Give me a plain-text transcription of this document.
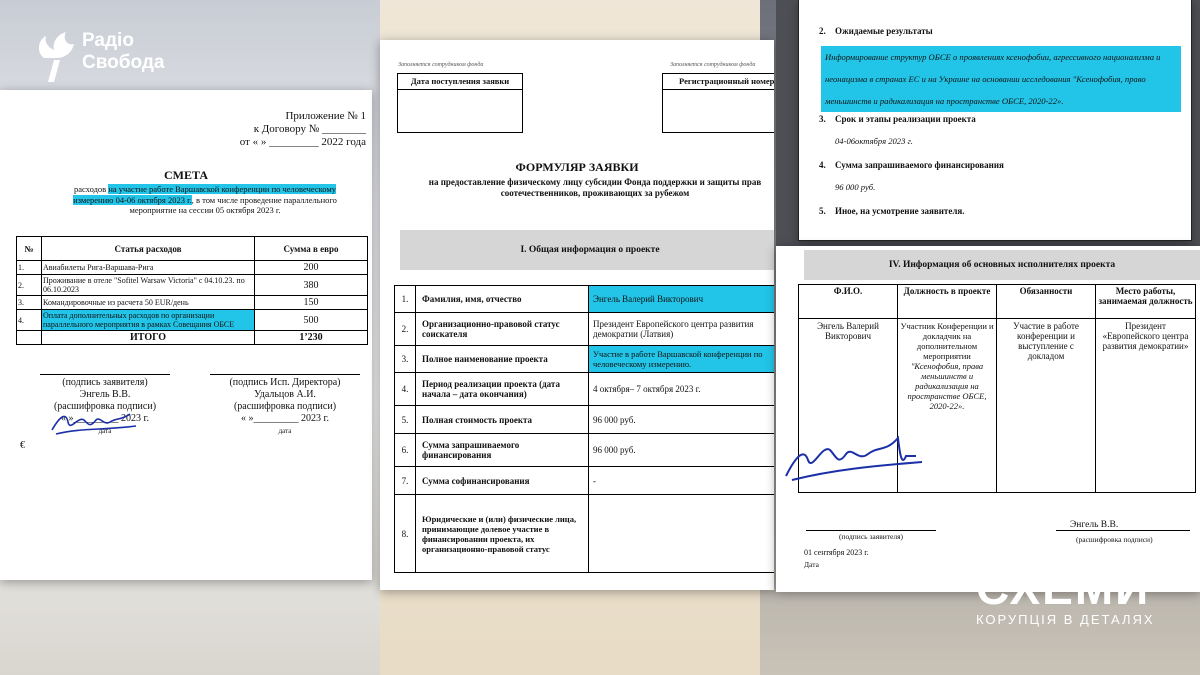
Радіо
Свобода
Приложение № 1
к Договору № ________
от « » _________ 2022 года
СМЕТА
расходов на участие работе Варшавской конференции по человеческому измерению 04-06 октября 2023 г., в том числе проведение параллельного мероприятие на сессии 05 октября 2023 г.
№	Статья расходов	Сумма в евро
1.	Авиабилеты Рига-Варшава-Рига	200
2.	Проживание в отеле "Sofitel Warsaw Victoria" с 04.10.23. по 06.10.2023	380
3.	Командировочные из расчета 50 EUR/день	150
4.	Оплата дополнительных расходов по организации параллельного мероприятия в рамках Совещания ОБСЕ	500
	ИТОГО	1’230
(подпись заявителя)
Энгель В.В.
(расшифровка подписи)
« »_________ 2023 г.
дата
(подпись Исп. Директора)
Удальцов А.И.
(расшифровка подписи)
« »_________ 2023 г.
дата
€
Заполняется сотрудником фонда	Заполняется сотрудником фонда
Дата поступления заявки	Регистрационный номер
ФОРМУЛЯР ЗАЯВКИ
на предоставление физическому лицу субсидии Фонда поддержки и защиты прав соотечественников, проживающих за рубежом
I. Общая информация о проекте
1.	Фамилия, имя, отчество	Энгель Валерий Викторович
2.	Организационно-правовой статус соискателя	Президент Европейского центра развития демократии (Латвия)
3.	Полное наименование проекта	Участие в работе Варшавской конференции по человеческому измерению.
4.	Период реализации проекта (дата начала – дата окончания)	4 октября– 7 октября 2023 г.
5.	Полная стоимость проекта	96 000 руб.
6.	Сумма запрашиваемого финансирования	96 000 руб.
7.	Сумма софинансирования	-
8.	Юридические и (или) физические лица, принимающие долевое участие в финансировании проекта, их организационно-правовой статус	
2. Ожидаемые результаты
Информирование структур ОБСЕ о проявлениях ксенофобии, агрессивного национализма и неонацизма в странах ЕС и на Украине на основании исследования "Ксенофобия, право меньшинств и радикализация на пространстве ОБСЕ, 2020-22».
3. Срок и этапы реализации проекта
04-06октября 2023 г.
4. Сумма запрашиваемого финансирования
96 000 руб.
5. Иное, на усмотрение заявителя.
IV. Информация об основных исполнителях проекта
Ф.И.О.	Должность в проекте	Обязанности	Место работы, занимаемая должность
Энгель Валерий Викторович	Участник Конференции и докладчик на дополнительном мероприятии
"Ксенофобия, права меньшинств и радикализация на пространстве ОБСЕ, 2020-22».	Участие в работе конференции и выступление с докладом	Президент «Европейского центра развития демократии»
(подпись заявителя)
Энгель В.В.
(расшифровка подписи)
01 сентября 2023 г.
Дата	СХЕМИ
КОРУПЦІЯ В ДЕТАЛЯХ
